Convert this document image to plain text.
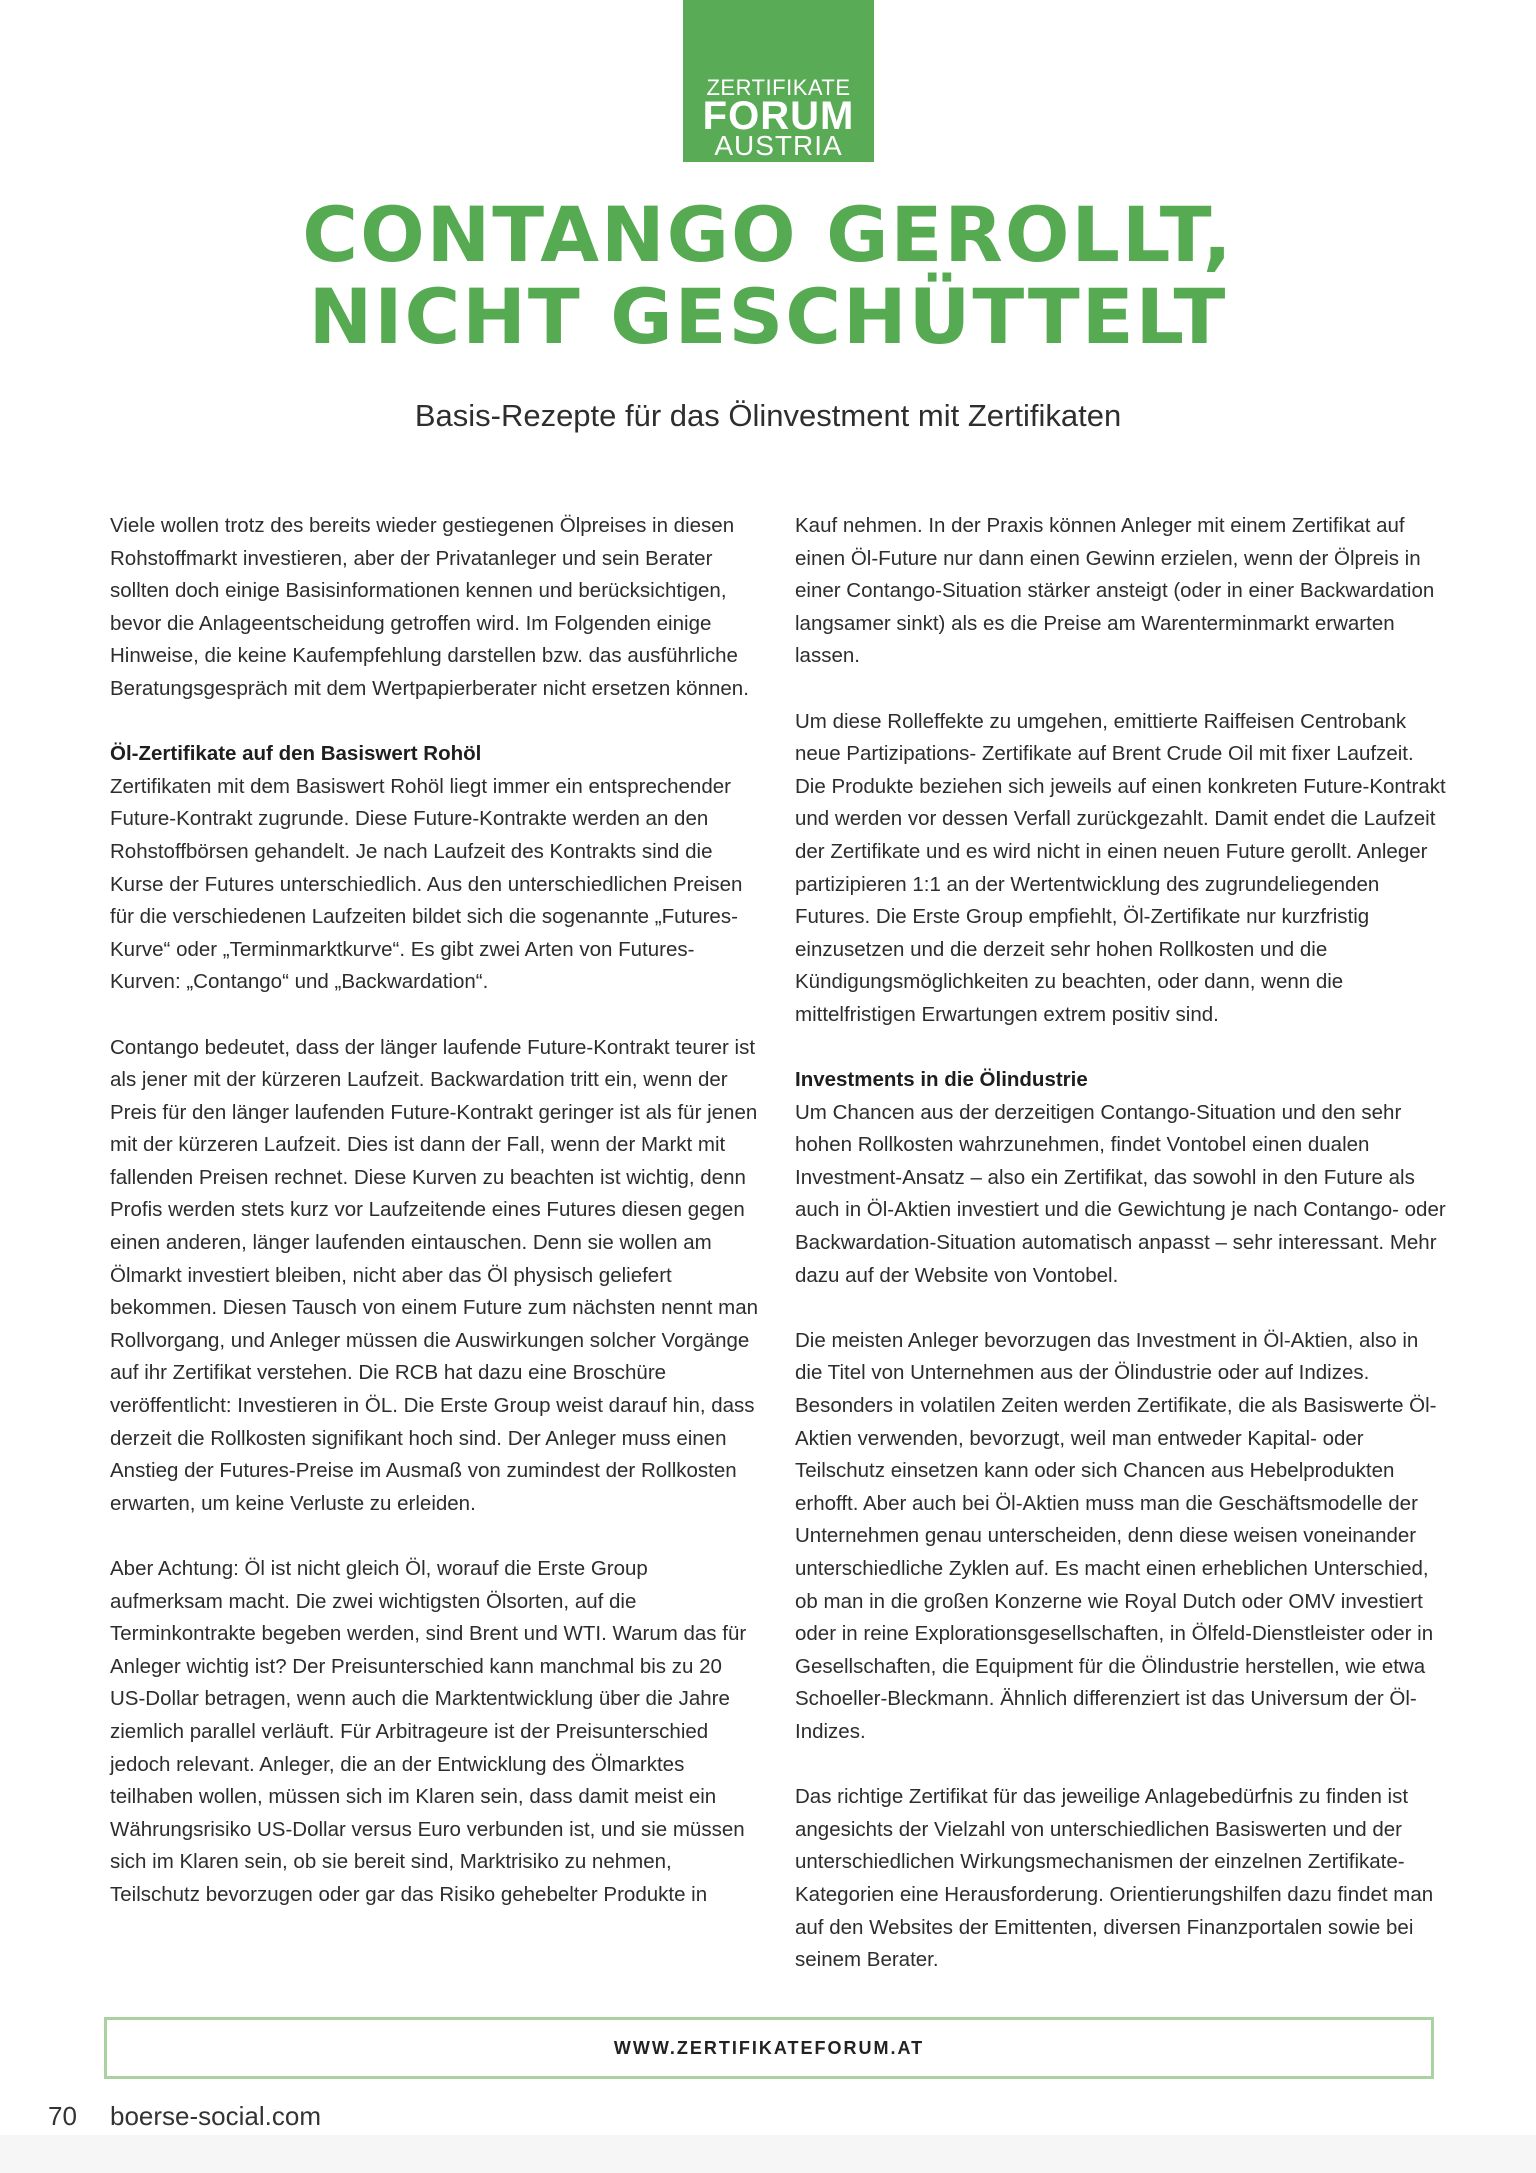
ZERTIFIKATE
FORUM
AUSTRIA
CONTANGO GEROLLT,
NICHT GESCHÜTTELT
Basis-Rezepte für das Ölinvestment mit Zertifikaten

Viele wollen trotz des bereits wieder gestiegenen Ölpreises in diesen Rohstoffmarkt investieren, aber der Privatanleger und sein Berater sollten doch einige Basisinformationen kennen und berücksichtigen, bevor die Anlageentscheidung getroffen wird. Im Folgenden einige Hinweise, die keine Kaufempfehlung darstellen bzw. das ausführliche Beratungsgespräch mit dem Wertpapierberater nicht ersetzen können.

Öl-Zertifikate auf den Basiswert Rohöl

Zertifikaten mit dem Basiswert Rohöl liegt immer ein entsprechender Future-Kontrakt zugrunde. Diese Future-Kontrakte werden an den Rohstoffbörsen gehandelt. Je nach Laufzeit des Kontrakts sind die Kurse der Futures unterschiedlich. Aus den unterschiedlichen Preisen für die verschiedenen Laufzeiten bildet sich die sogenannte „Futures-Kurve“ oder „Terminmarktkurve“. Es gibt zwei Arten von Futures-Kurven: „Contango“ und „Backwardation“.

Contango bedeutet, dass der länger laufende Future-Kontrakt teurer ist als jener mit der kürzeren Laufzeit. Backwardation tritt ein, wenn der Preis für den länger laufenden Future-Kontrakt geringer ist als für jenen mit der kürzeren Laufzeit. Dies ist dann der Fall, wenn der Markt mit fallenden Preisen rechnet. Diese Kurven zu beachten ist wichtig, denn Profis werden stets kurz vor Laufzeitende eines Futures diesen gegen einen anderen, länger laufenden eintauschen. Denn sie wollen am Ölmarkt investiert bleiben, nicht aber das Öl physisch geliefert bekommen. Diesen Tausch von einem Future zum nächsten nennt man Rollvorgang, und Anleger müssen die Auswirkungen solcher Vorgänge auf ihr Zertifikat verstehen. Die RCB hat dazu eine Broschüre veröffentlicht: Investieren in ÖL. Die Erste Group weist darauf hin, dass derzeit die Rollkosten signifikant hoch sind. Der Anleger muss einen Anstieg der Futures-Preise im Ausmaß von zumindest der Rollkosten erwarten, um keine Verluste zu erleiden.

Aber Achtung: Öl ist nicht gleich Öl, worauf die Erste Group aufmerksam macht. Die zwei wichtigsten Ölsorten, auf die Terminkontrakte begeben werden, sind Brent und WTI. Warum das für Anleger wichtig ist? Der Preisunterschied kann manchmal bis zu 20 US-Dollar betragen, wenn auch die Marktentwicklung über die Jahre ziemlich parallel verläuft. Für Arbitrageure ist der Preisunterschied jedoch relevant. Anleger, die an der Entwicklung des Ölmarktes teilhaben wollen, müssen sich im Klaren sein, dass damit meist ein Währungsrisiko US-Dollar versus Euro verbunden ist, und sie müssen sich im Klaren sein, ob sie bereit sind, Marktrisiko zu nehmen, Teilschutz bevorzugen oder gar das Risiko gehebelter Produkte in

Kauf nehmen. In der Praxis können Anleger mit einem Zertifikat auf einen Öl-Future nur dann einen Gewinn erzielen, wenn der Ölpreis in einer Contango-Situation stärker ansteigt (oder in einer Backwardation langsamer sinkt) als es die Preise am Warenterminmarkt erwarten lassen.

Um diese Rolleffekte zu umgehen, emittierte Raiffeisen Centrobank neue Partizipations- Zertifikate auf Brent Crude Oil mit fixer Laufzeit. Die Produkte beziehen sich jeweils auf einen konkreten Future-Kontrakt und werden vor dessen Verfall zurückgezahlt. Damit endet die Laufzeit der Zertifikate und es wird nicht in einen neuen Future gerollt. Anleger partizipieren 1:1 an der Wertentwicklung des zugrundeliegenden Futures. Die Erste Group empfiehlt, Öl-Zertifikate nur kurzfristig einzusetzen und die derzeit sehr hohen Rollkosten und die Kündigungsmöglichkeiten zu beachten, oder dann, wenn die mittelfristigen Erwartungen extrem positiv sind.

Investments in die Ölindustrie

Um Chancen aus der derzeitigen Contango-Situation und den sehr hohen Rollkosten wahrzunehmen, findet Vontobel einen dualen Investment-Ansatz – also ein Zertifikat, das sowohl in den Future als auch in Öl-Aktien investiert und die Gewichtung je nach Contango- oder Backwardation-Situation automatisch anpasst – sehr interessant. Mehr dazu auf der Website von Vontobel.

Die meisten Anleger bevorzugen das Investment in Öl-Aktien, also in die Titel von Unternehmen aus der Ölindustrie oder auf Indizes. Besonders in volatilen Zeiten werden Zertifikate, die als Basiswerte Öl-Aktien verwenden, bevorzugt, weil man entweder Kapital- oder Teilschutz einsetzen kann oder sich Chancen aus Hebelprodukten erhofft. Aber auch bei Öl-Aktien muss man die Geschäftsmodelle der Unternehmen genau unterscheiden, denn diese weisen voneinander unterschiedliche Zyklen auf. Es macht einen erheblichen Unterschied, ob man in die großen Konzerne wie Royal Dutch oder OMV investiert oder in reine Explorationsgesellschaften, in Ölfeld-Dienstleister oder in Gesellschaften, die Equipment für die Ölindustrie herstellen, wie etwa Schoeller-Bleckmann. Ähnlich differenziert ist das Universum der Öl-Indizes.

Das richtige Zertifikat für das jeweilige Anlagebedürfnis zu finden ist angesichts der Vielzahl von unterschiedlichen Basiswerten und der unterschiedlichen Wirkungsmechanismen der einzelnen Zertifikate-Kategorien eine Herausforderung. Orientierungshilfen dazu findet man auf den Websites der Emittenten, diversen Finanzportalen sowie bei seinem Berater.

WWW.ZERTIFIKATEFORUM.AT
70 boerse-social.com
